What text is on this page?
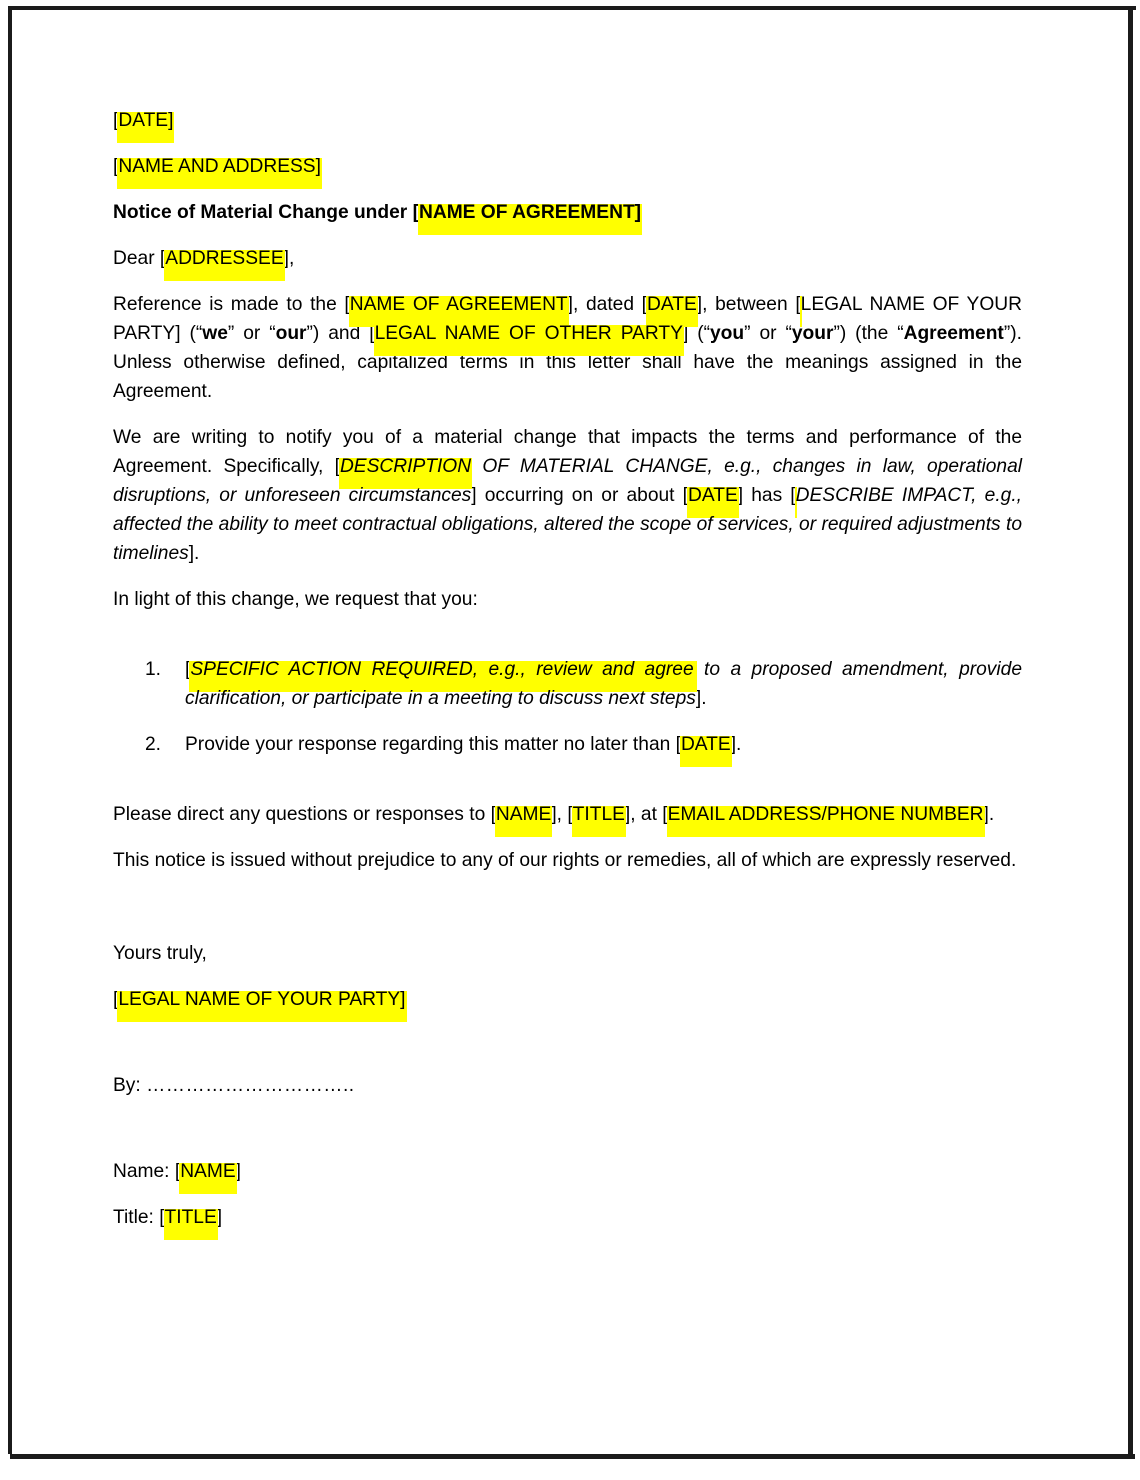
[DATE]

[NAME AND ADDRESS]

Notice of Material Change under [NAME OF AGREEMENT]

Dear [ADDRESSEE],

Reference is made to the [NAME OF AGREEMENT], dated [DATE], between [LEGAL NAME OF YOUR PARTY] (“we” or “our”) and [LEGAL NAME OF OTHER PARTY] (“you” or “your”) (the “Agreement”). Unless otherwise defined, capitalized terms in this letter shall have the meanings assigned in the Agreement.

We are writing to notify you of a material change that impacts the terms and performance of the Agreement. Specifically, [DESCRIPTION OF MATERIAL CHANGE, e.g., changes in law, operational disruptions, or unforeseen circumstances] occurring on or about [DATE] has [DESCRIBE IMPACT, e.g., affected the ability to meet contractual obligations, altered the scope of services, or required adjustments to timelines].

In light of this change, we request that you:

[SPECIFIC ACTION REQUIRED, e.g., review and agree to a proposed amendment, provide clarification, or participate in a meeting to discuss next steps].
Provide your response regarding this matter no later than [DATE].

Please direct any questions or responses to [NAME], [TITLE], at [EMAIL ADDRESS/PHONE NUMBER].

This notice is issued without prejudice to any of our rights or remedies, all of which are expressly reserved.

Yours truly,

[LEGAL NAME OF YOUR PARTY]

By: …………………………..

Name: [NAME]

Title: [TITLE]
